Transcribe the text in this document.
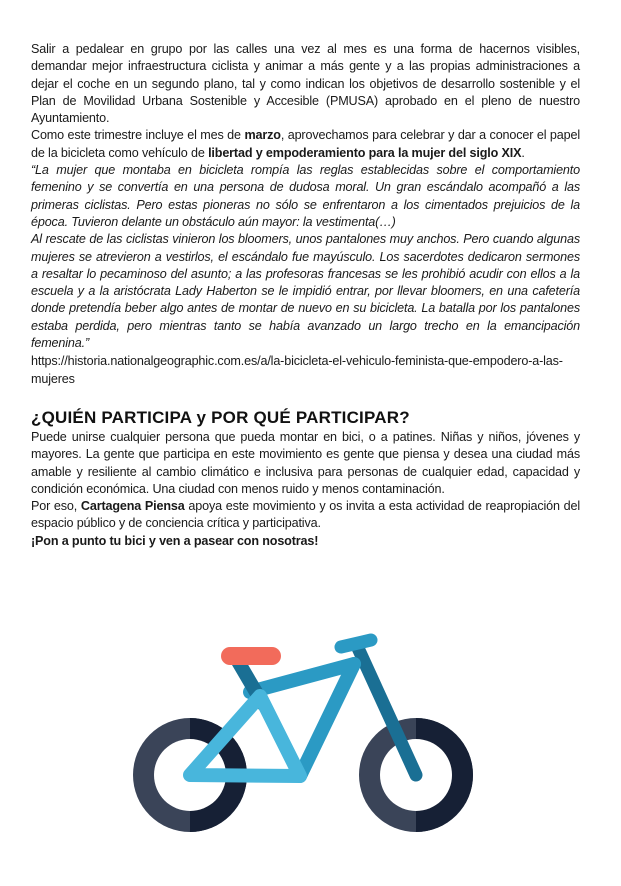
Salir a pedalear en grupo por las calles una vez al mes es una forma de hacernos visibles, demandar mejor infraestructura ciclista y animar a más gente y a las propias administraciones a dejar el coche en un segundo plano, tal y como indican los objetivos de desarrollo sostenible y el Plan de Movilidad Urbana Sostenible y Accesible (PMUSA) aprobado en el pleno de nuestro Ayuntamiento.

Como este trimestre incluye el mes de marzo, aprovechamos para celebrar y dar a conocer el papel de la bicicleta como vehículo de libertad y empoderamiento para la mujer del siglo XIX.

“La mujer que montaba en bicicleta rompía las reglas establecidas sobre el comportamiento femenino y se convertía en una persona de dudosa moral. Un gran escándalo acompañó a las primeras ciclistas. Pero estas pioneras no sólo se enfrentaron a los cimentados prejuicios de la época. Tuvieron delante un obstáculo aún mayor: la vestimenta(…)

Al rescate de las ciclistas vinieron los bloomers, unos pantalones muy anchos. Pero cuando algunas mujeres se atrevieron a vestirlos, el escándalo fue mayúsculo. Los sacerdotes dedicaron sermones a resaltar lo pecaminoso del asunto; a las profesoras francesas se les prohibió acudir con ellos a la escuela y a la aristócrata Lady Haberton se le impidió entrar, por llevar bloomers, en una cafetería donde pretendía beber algo antes de montar de nuevo en su bicicleta. La batalla por los pantalones estaba perdida, pero mientras tanto se había avanzado un largo trecho en la emancipación femenina.”

https://historia.nationalgeographic.com.es/a/la-bicicleta-el-vehiculo-feminista-que-empodero-a-las-mujeres

¿QUIÉN PARTICIPA y POR QUÉ PARTICIPAR?

Puede unirse cualquier persona que pueda montar en bici, o a patines. Niñas y niños, jóvenes y mayores. La gente que participa en este movimiento es gente que piensa y desea una ciudad más amable y resiliente al cambio climático e inclusiva para personas de cualquier edad, capacidad y condición económica. Una ciudad con menos ruido y menos contaminación.

Por eso, Cartagena Piensa apoya este movimiento y os invita a esta actividad de reapropiación del espacio público y de conciencia crítica y participativa.

¡Pon a punto tu bici y ven a pasear con nosotras!
